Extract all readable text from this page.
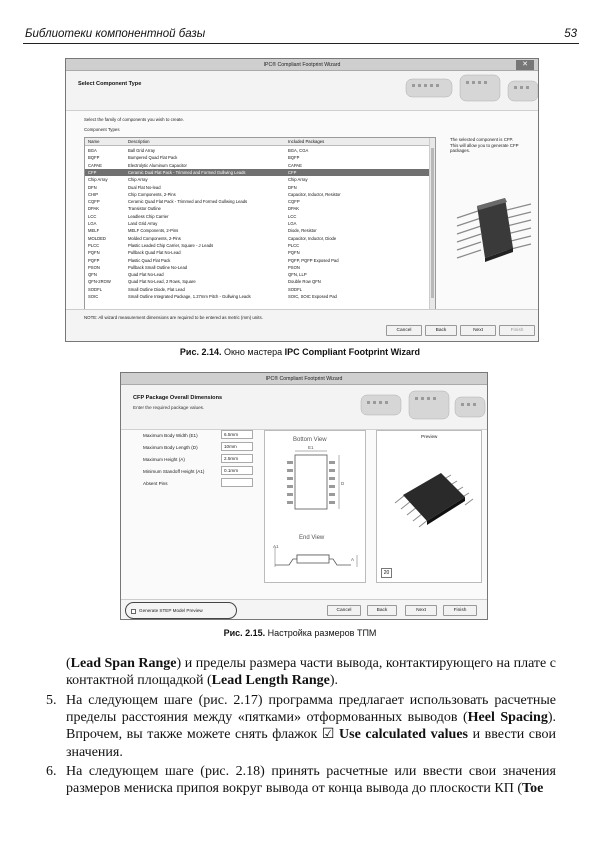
Библиотеки компонентной базы	53
IPC® Compliant Footprint Wizard	✕
Select Component Type
Select the family of components you wish to create.
Component Types
Name	Description	Included Packages
BGA	Ball Grid Array	BGA, CGA
BQFP	Bumpered Quad Flat Pack	BQFP
CAPAE	Electrolytic Aluminum Capacitor	CAPAE
CFP	Ceramic Dual Flat Pack - Trimmed and Formed Gullwing Leads	CFP
Chip Array	Chip Array	Chip Array
DFN	Dual Flat No-lead	DFN
CHIP	Chip Components, 2-Pins	Capacitor, Inductor, Resistor
CQFP	Ceramic Quad Flat Pack - Trimmed and Formed Gullwing Leads	CQFP
DPAK	Transistor Outline	DPAK
LCC	Leadless Chip Carrier	LCC
LGA	Land Grid Array	LGA
MELF	MELF Components, 2-Pins	Diode, Resistor
MOLDED	Molded Components, 2-Pins	Capacitor, Inductor, Diode
PLCC	Plastic Leaded Chip Carrier, Square - J Leads	PLCC
PQFN	Pullback Quad Flat No-Lead	PQFN
PQFP	Plastic Quad Flat Pack	PQFP, PQFP Exposed Pad
PSON	Pullback Small Outline No-Lead	PSON
QFN	Quad Flat No-Lead	QFN, LLP
QFN-2ROW	Quad Flat No-Lead, 2 Rows, Square	Double Row QFN
SODFL	Small Outline Diode, Flat Lead	SODFL
SOIC	Small Outline Integrated Package, 1.27mm Pitch - Gullwing Leads	SOIC, SOIC Exposed Pad
The selected component is CFP.
This will allow you to generate CFP packages.
NOTE: All wizard measurement dimensions are required to be entered as metric (mm) units.
Cancel	Back	Next	Finish
Рис. 2.14. Окно мастера IPC Compliant Footprint Wizard
IPC® Compliant Footprint Wizard
CFP Package Overall Dimensions
Enter the required package values.
Maximum Body Width (E1)	6.5mm
Maximum Body Length (D)	10mm
Maximum Height (A)	2.5mm
Minimum Standoff Height (A1)	0.1mm
Absent Pins
Bottom View
E1
D
End View
A1
A
Preview
20
Generate STEP Model Preview	Cancel	Back	Next	Finish
Рис. 2.15. Настройка размеров ТПМ
(Lead Span Range) и пределы размера части вывода, контактирующего на плате с контактной площадкой (Lead Length Range).
5. На следующем шаге (рис. 2.17) программа предлагает использовать расчетные пределы расстояния между «пятками» отформованных выводов (Heel Spacing). Впрочем, вы также можете снять флажок ☑ Use calculated values и ввести свои значения.
6. На следующем шаге (рис. 2.18) принять расчетные или ввести свои значения размеров мениска припоя вокруг вывода от конца вывода до плоскости КП (Toe
